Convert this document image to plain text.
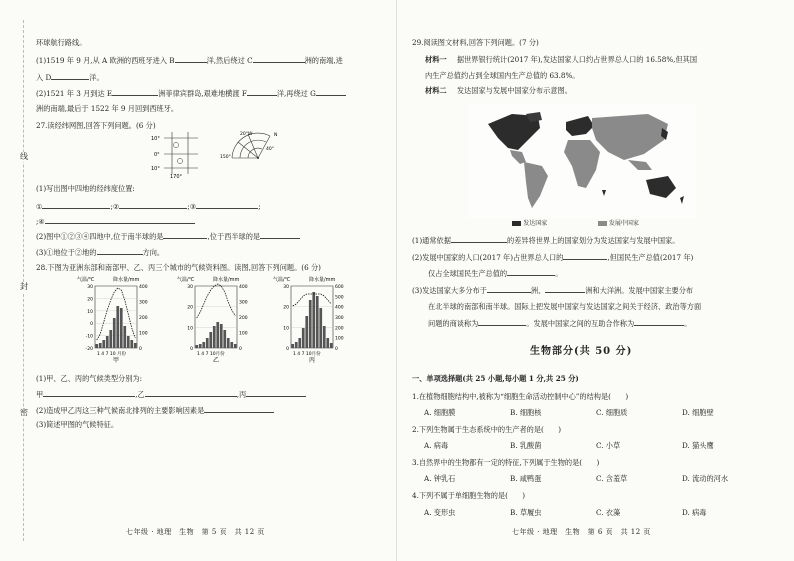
线
封
密
环球航行路线。
(1)1519 年 9 月,从 A 欧洲的西班牙进入 B	洋,然后绕过 C	洲的南端,进
入 D	洋。
(2)1521 年 3 月到达 E	洲菲律宾群岛,艰难地横渡 F	洋,再绕过 G
洲的南端,最后于 1522 年 9 月回到西班牙。
27.读经纬网图,回答下列问题。(6 分)
10°
0°
10°
170°
20°W
40°
150°
N
(1)写出图中四地的经纬度位置:
①	;②	;③	;
;④
(2)图中①②③④四地中,位于南半球的是	,位于西半球的是
(3)①地位于②地的	方向。
28.下图为亚洲东部和南部甲、乙、丙三个城市的气候资料图。读图,回答下列问题。(6 分)
气温/℃	降水量/mm
30
20
10
0
-10
-20
400
300
200
100
0
1 4 7 10 月份
甲
气温/℃	降水量/mm
30
20
10
0
400
300
200
100
0
1 4 7 10月份
乙
气温/℃	降水量/mm
30
20
10
0
600
500
400
300
200
100
0
1 4 7 10月份
丙
(1)甲、乙、丙的气候类型分别为:
甲	,乙	,丙
(2)造成甲乙丙这三种气候南北排列的主要影响因素是
(3)简述甲图的气候特征。
七年级 · 地理　生物　第 5 页　共 12 页
29.阅读图文材料,回答下列问题。(7 分)
材料一 据世界银行统计(2017 年),发达国家人口约占世界总人口的 16.58%,但其国
内生产总值约占到全球国内生产总值的 63.8%。
材料二 发达国家与发展中国家分布示意图。
发达国家	发展中国家
(1)通常依据	的差异将世界上的国家划分为发达国家与发展中国家。
(2)发展中国家的人口(2017 年)占世界总人口的	,但国民生产总值(2017 年)
仅占全球国民生产总值的	。
(3)发达国家大多分布于	洲、	洲和大洋洲。发展中国家主要分布
在北半球的南部和南半球。国际上把发展中国家与发达国家之间关于经济、政治等方面
问题的商谈称为	。发展中国家之间的互助合作称为	。
生物部分(共 50 分)
一、单项选择题(共 25 小题,每小题 1 分,共 25 分)
1.在植物细胞结构中,被称为“细胞生命活动控制中心”的结构是(　　)
A. 细胞膜	B. 细胞核	C. 细胞质	D. 细胞壁
2.下列生物属于生态系统中的生产者的是(　　)
A. 病毒	B. 乳酸菌	C. 小草	D. 猫头鹰
3.自然界中的生物都有一定的特征,下列属于生物的是(　　)
A. 钟乳石	B. 咸鸭蛋	C. 含羞草	D. 流动的河水
4.下列不属于单细胞生物的是(　　)
A. 变形虫	B. 草履虫	C. 衣藻	D. 病毒
七年级 · 地理　生物　第 6 页　共 12 页
